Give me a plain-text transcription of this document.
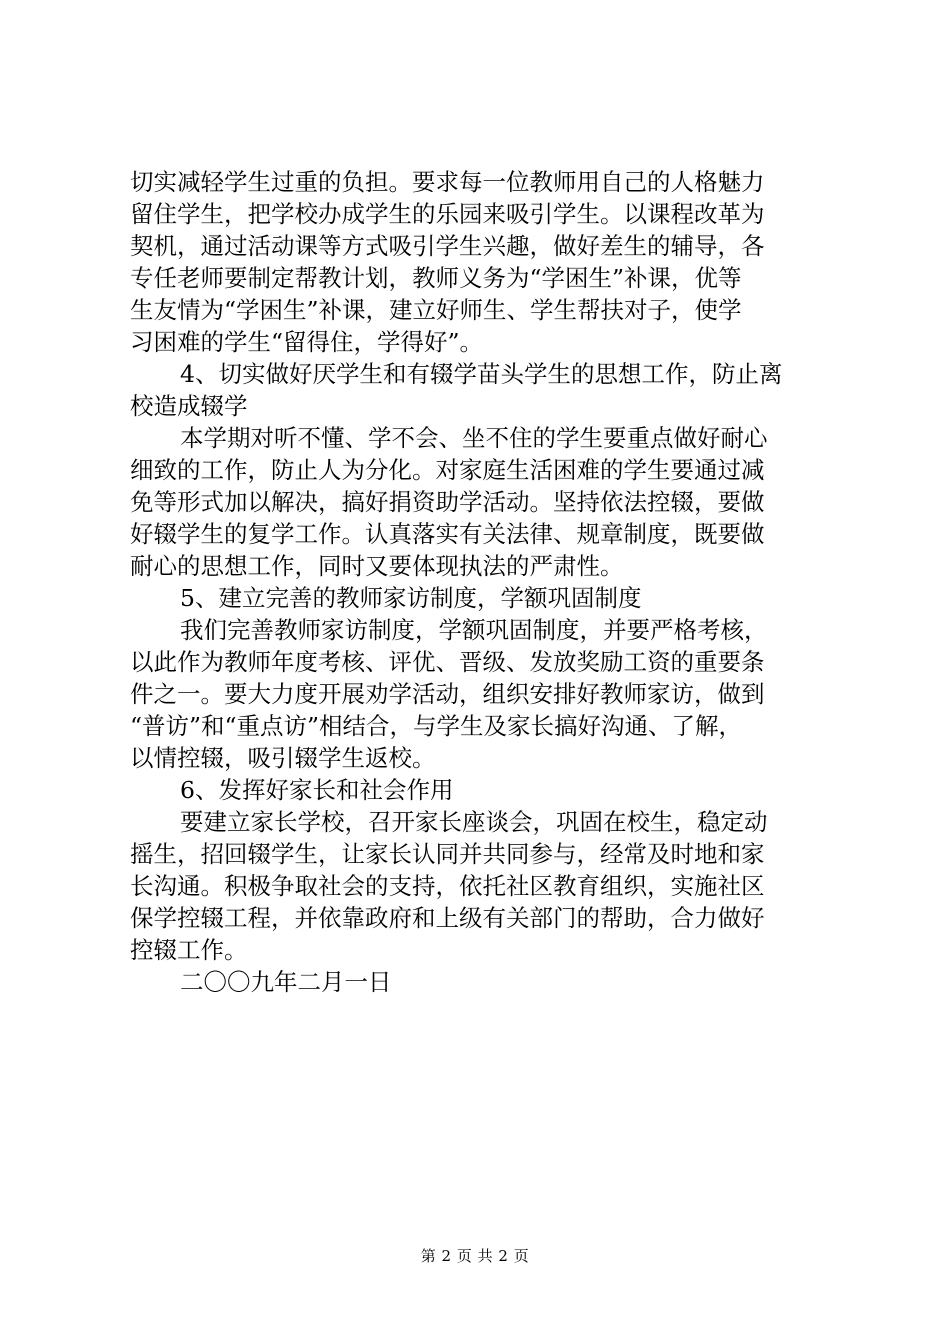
切实减轻学生过重的负担。要求每一位教师用自己的人格魅力
留住学生，把学校办成学生的乐园来吸引学生。以课程改革为
契机，通过活动课等方式吸引学生兴趣，做好差生的辅导，各
专任老师要制定帮教计划，教师义务为“学困生”补课，优等
生友情为“学困生”补课，建立好师生、学生帮扶对子，使学
习困难的学生“留得住，学得好”。
4、切实做好厌学生和有辍学苗头学生的思想工作，防止离
校造成辍学
本学期对听不懂、学不会、坐不住的学生要重点做好耐心
细致的工作，防止人为分化。对家庭生活困难的学生要通过减
免等形式加以解决，搞好捐资助学活动。坚持依法控辍，要做
好辍学生的复学工作。认真落实有关法律、规章制度，既要做
耐心的思想工作，同时又要体现执法的严肃性。
5、建立完善的教师家访制度，学额巩固制度
我们完善教师家访制度，学额巩固制度，并要严格考核，
以此作为教师年度考核、评优、晋级、发放奖励工资的重要条
件之一。要大力度开展劝学活动，组织安排好教师家访，做到
“普访”和“重点访”相结合，与学生及家长搞好沟通、了解，
以情控辍，吸引辍学生返校。
6、发挥好家长和社会作用
要建立家长学校，召开家长座谈会，巩固在校生，稳定动
摇生，招回辍学生，让家长认同并共同参与，经常及时地和家
长沟通。积极争取社会的支持，依托社区教育组织，实施社区
保学控辍工程，并依靠政府和上级有关部门的帮助，合力做好
控辍工作。
二〇〇九年二月一日
第 2 页 共 2 页
